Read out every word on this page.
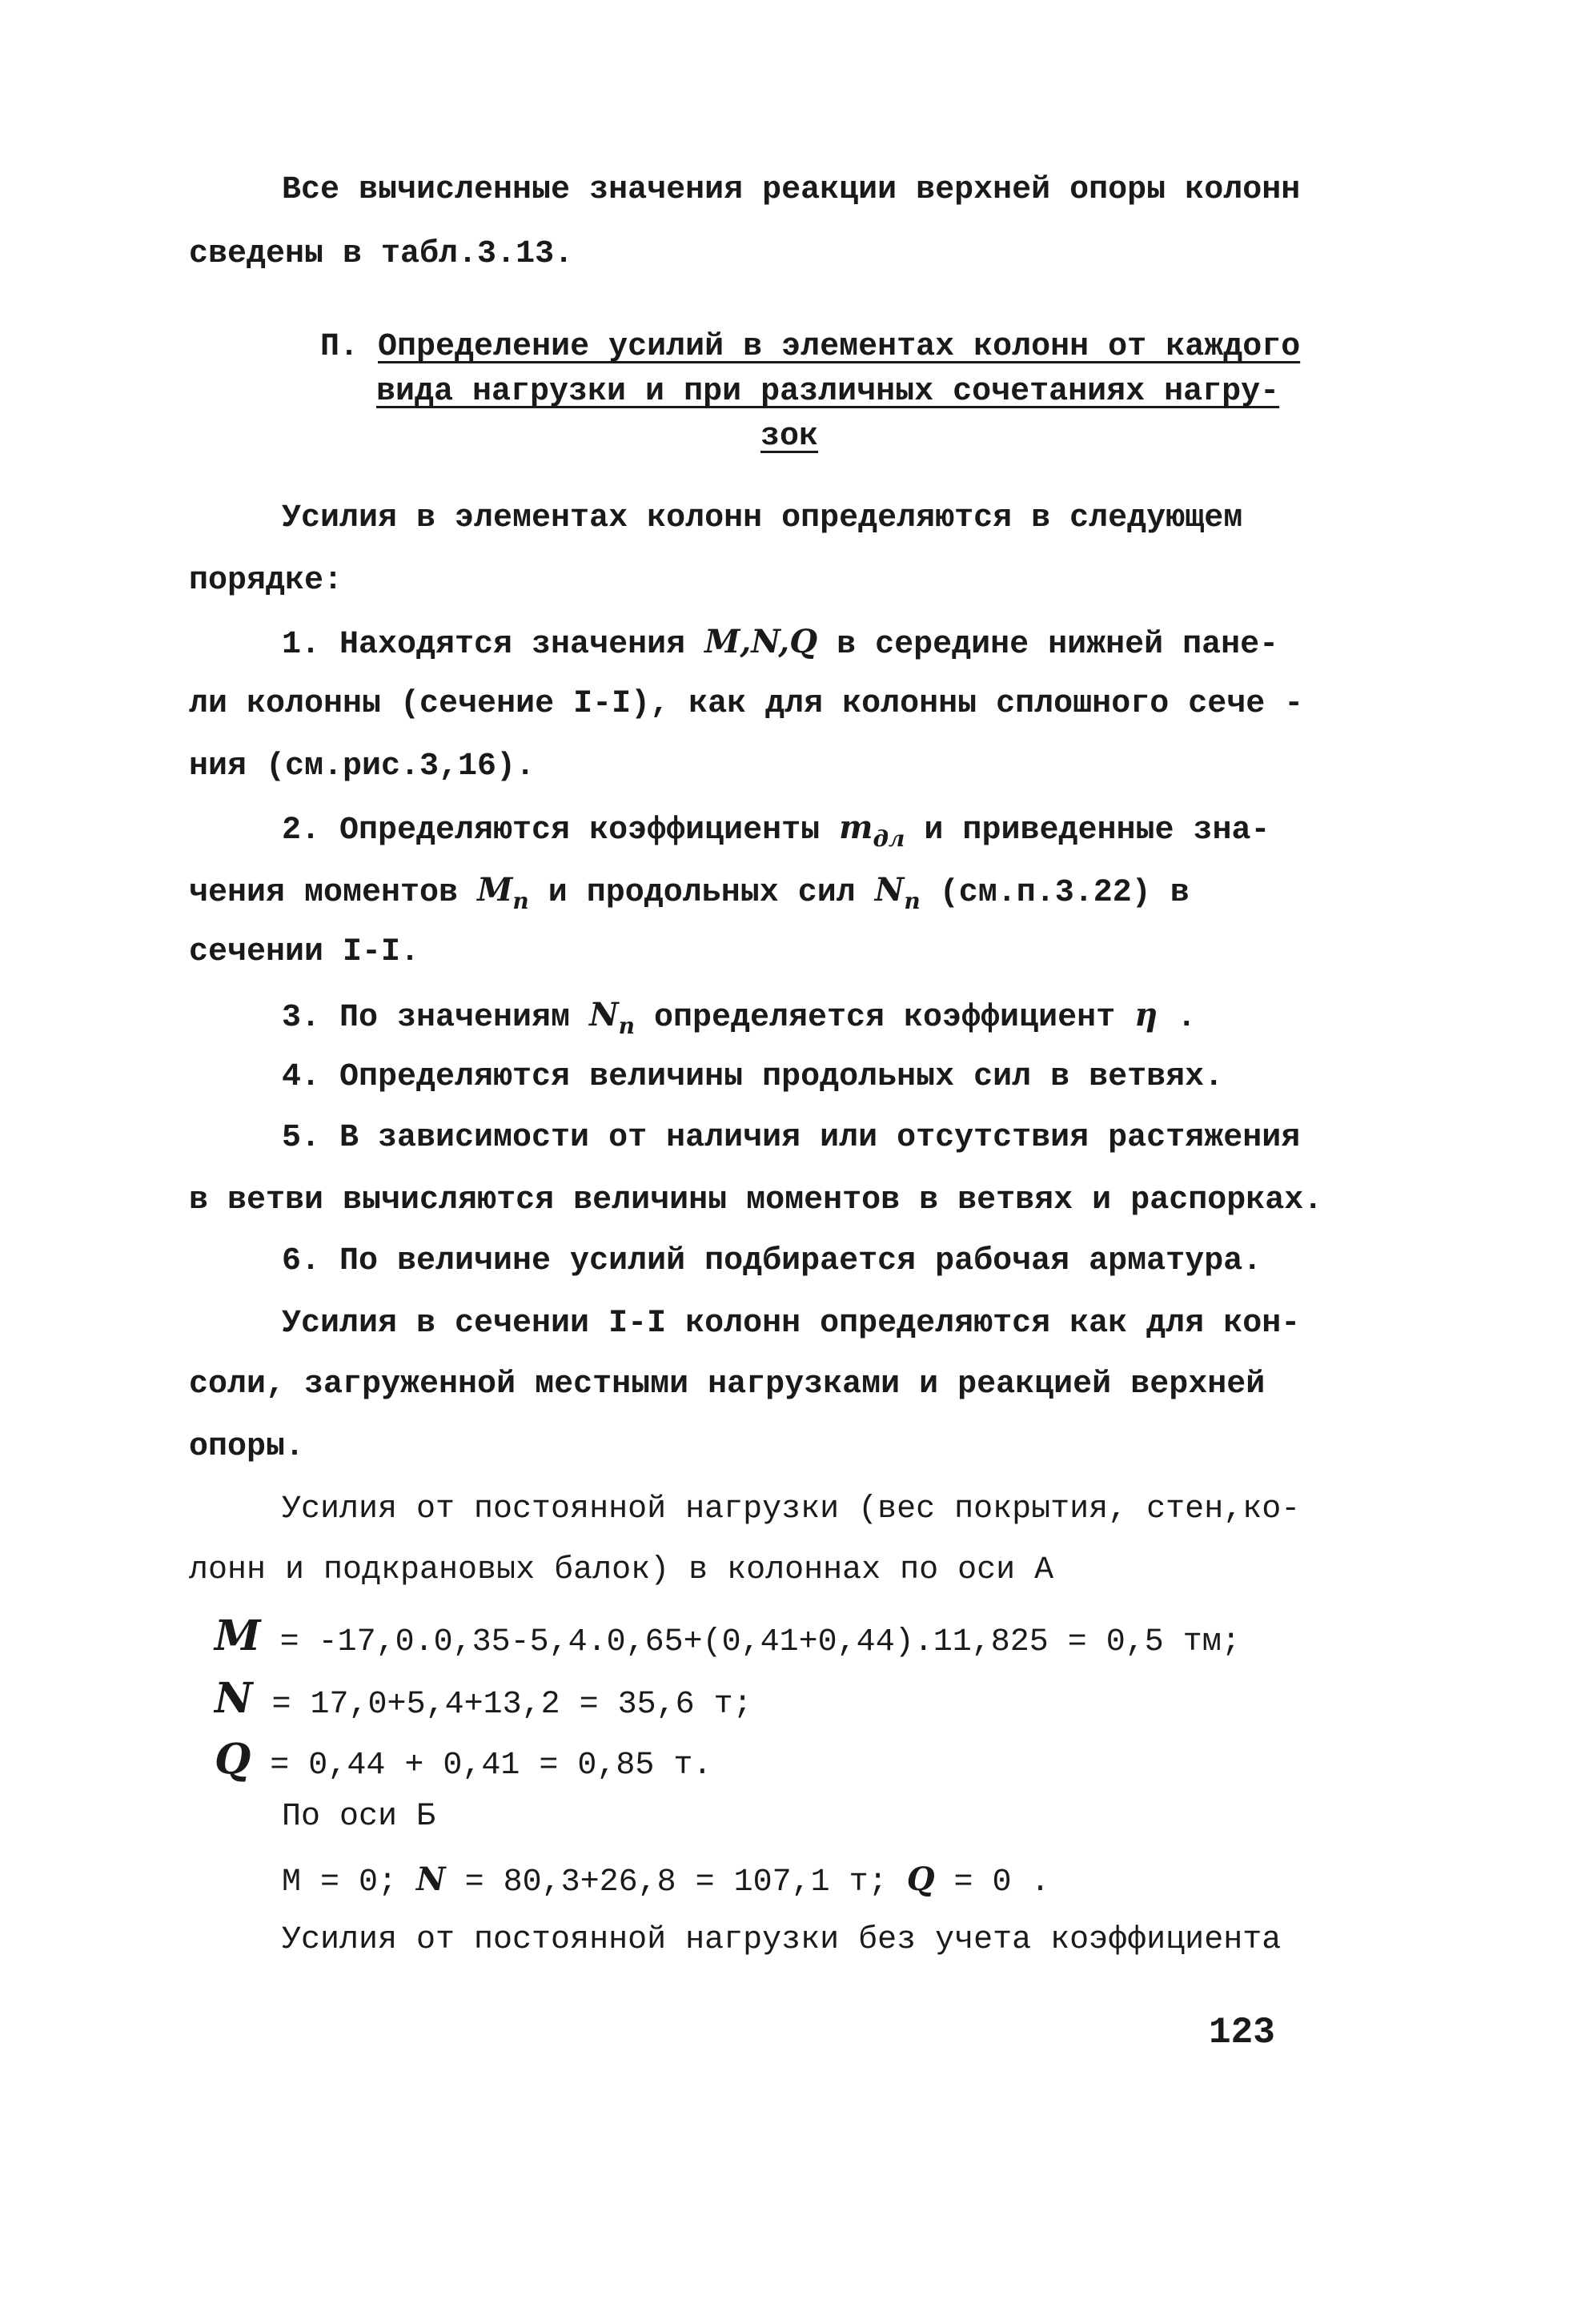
Все вычисленные значения реакции верхней опоры колонн
сведены в табл.3.13.
П. Определение усилий в элементах колонн от каждого
вида нагрузки и при различных сочетаниях нагру-
зок
Усилия в элементах колонн определяются в следующем
порядке:
1. Находятся значения M,N,Q в середине нижней пане-
ли колонны (сечение I-I), как для колонны сплошного сече -
ния (см.рис.3,16).
2. Определяются коэффициенты $m_{дл}$ и приведенные зна-
чения моментов $M_п$ и продольных сил $N_п$ (см.п.3.22) в
сечении I-I.
3. По значениям $N_п$ определяется коэффициент η .
4. Определяются величины продольных сил в ветвях.
5. В зависимости от наличия или отсутствия растяжения
в ветви вычисляются величины моментов в ветвях и распорках.
6. По величине усилий подбирается рабочая арматура.
Усилия в сечении I-I колонн определяются как для кон-
соли, загруженной местными нагрузками и реакцией верхней
опоры.
Усилия от постоянной нагрузки (вес покрытия, стен,ко-
лонн и подкрановых балок) в колоннах по оси А
M = -17,0.0,35-5,4.0,65+(0,41+0,44).11,825 = 0,5 тм;
N = 17,0+5,4+13,2 = 35,6 т;
Q = 0,44 + 0,41 = 0,85 т.
По оси Б
M = 0; N = 80,3+26,8 = 107,1 т; Q = 0 .
Усилия от постоянной нагрузки без учета коэффициента
123
